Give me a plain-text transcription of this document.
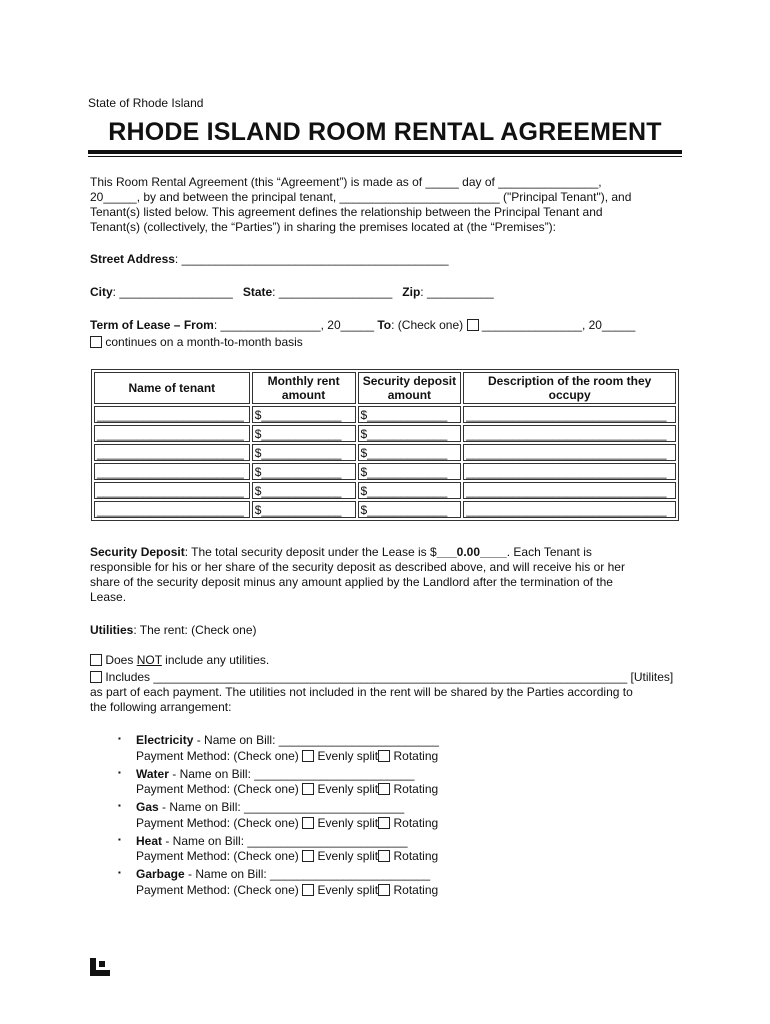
State of Rhode Island
RHODE ISLAND ROOM RENTAL AGREEMENT
This Room Rental Agreement (this “Agreement”) is made as of _____ day of _______________,
20_____, by and between the principal tenant, ________________________ ("Principal Tenant"), and
Tenant(s) listed below. This agreement defines the relationship between the Principal Tenant and
Tenant(s) (collectively, the “Parties”) in sharing the premises located at (the “Premises”):
Street Address: ________________________________________
City: _________________ State: _________________ Zip: __________
Term of Lease – From: _______________, 20_____ To: (Check one) _______________, 20_____
continues on a month-to-month basis
Name of tenant	Monthly rent amount	Security deposit amount	Description of the room they occupy
______________________	$____________	$____________	______________________________
______________________	$____________	$____________	______________________________
______________________	$____________	$____________	______________________________
______________________	$____________	$____________	______________________________
______________________	$____________	$____________	______________________________
______________________	$____________	$____________	______________________________
Security Deposit: The total security deposit under the Lease is $___0.00____. Each Tenant is
responsible for his or her share of the security deposit as described above, and will receive his or her
share of the security deposit minus any amount applied by the Landlord after the termination of the
Lease.
Utilities: The rent: (Check one)
Does NOT include any utilities.
Includes _______________________________________________________________________ [Utilites]
as part of each payment. The utilities not included in the rent will be shared by the Parties according to
the following arrangement:
▪ Electricity - Name on Bill: ________________________
Payment Method: (Check one) Evenly split Rotating
▪ Water - Name on Bill: ________________________
Payment Method: (Check one) Evenly split Rotating
▪ Gas - Name on Bill: ________________________
Payment Method: (Check one) Evenly split Rotating
▪ Heat - Name on Bill: ________________________
Payment Method: (Check one) Evenly split Rotating
▪ Garbage - Name on Bill: ________________________
Payment Method: (Check one) Evenly split Rotating
